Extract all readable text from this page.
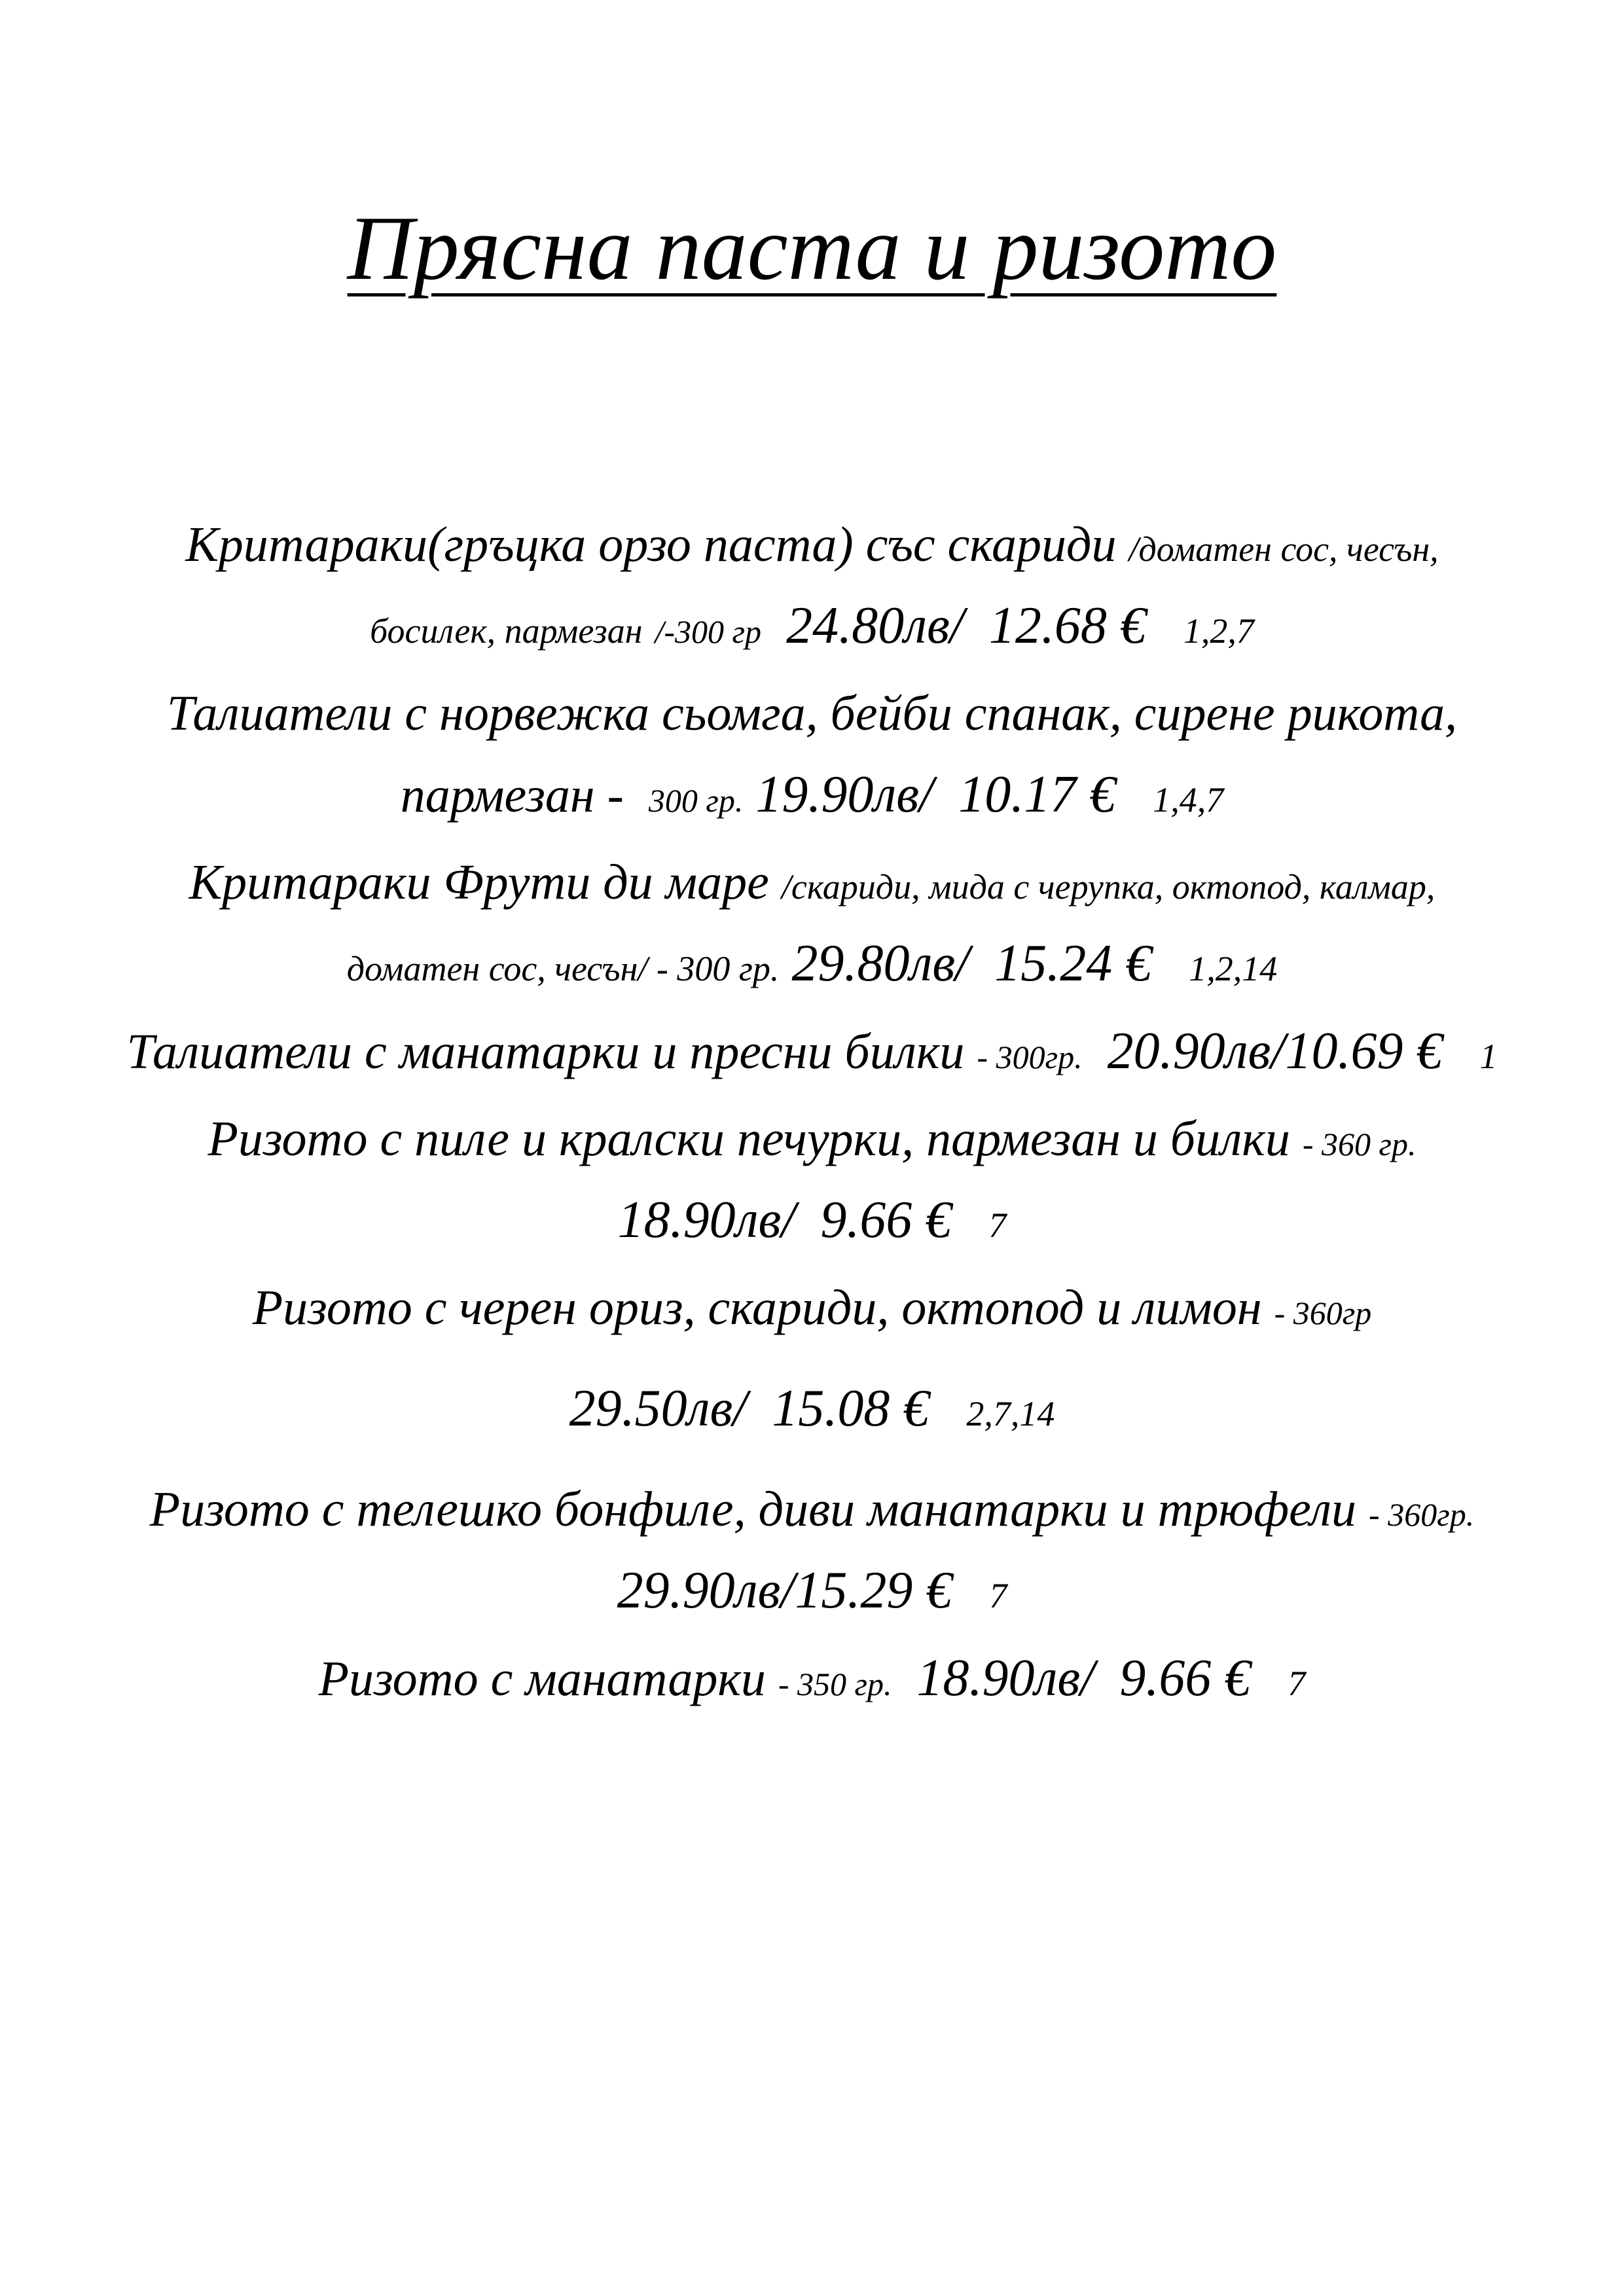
Прясна паста и ризото
Критараки(гръцка орзо паста) със скариди /доматен сос, чесън,
босилек, пармезан /-300 гр 24.80лв/ 12.68 € 1,2,7
Талиатели с норвежка сьомга, бейби спанак, сирене рикота,
пармезан - 300 гр. 19.90лв/ 10.17 € 1,4,7
Критараки Фрути ди маре /скариди, мида с черупка, октопод, калмар,
доматен сос, чесън/ - 300 гр. 29.80лв/ 15.24 € 1,2,14
Талиатели с манатарки и пресни билки - 300гр. 20.90лв/10.69 € 1
Ризото с пиле и кралски печурки, пармезан и билки - 360 гр.
18.90лв/ 9.66 € 7
Ризото с черен ориз, скариди, октопод и лимон - 360гр
29.50лв/ 15.08 € 2,7,14
Ризото с телешко бонфиле, диви манатарки и трюфели - 360гр.
29.90лв/15.29 € 7
Ризото с манатарки - 350 гр. 18.90лв/ 9.66 € 7
